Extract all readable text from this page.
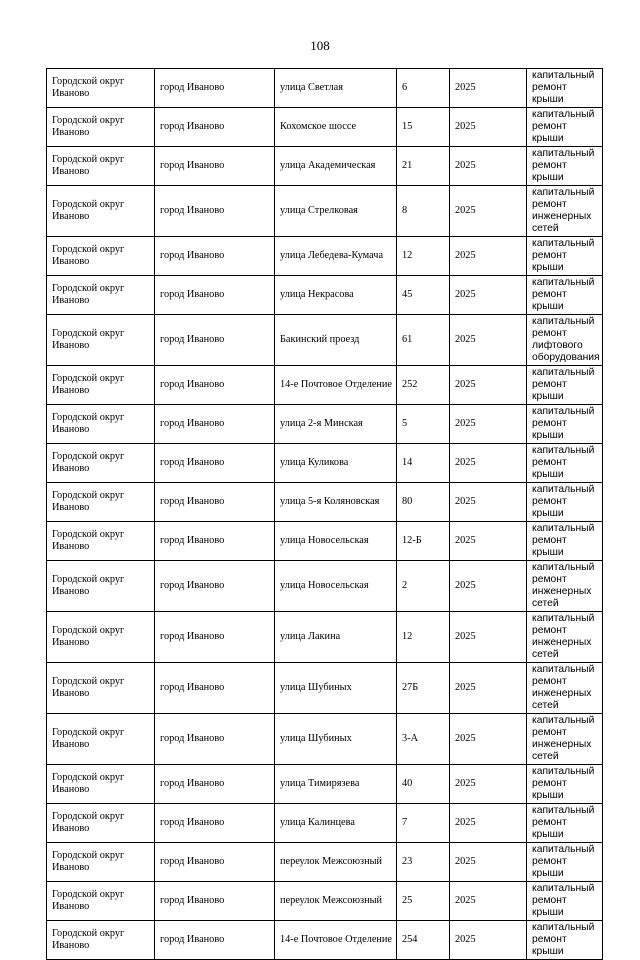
108
Городской округ Иваново	город Иваново	улица Светлая	6	2025	капитальный ремонт крыши
Городской округ Иваново	город Иваново	Кохомское шоссе	15	2025	капитальный ремонт крыши
Городской округ Иваново	город Иваново	улица Академическая	21	2025	капитальный ремонт крыши
Городской округ Иваново	город Иваново	улица Стрелковая	8	2025	капитальный ремонт инженерных сетей
Городской округ Иваново	город Иваново	улица Лебедева-Кумача	12	2025	капитальный ремонт крыши
Городской округ Иваново	город Иваново	улица Некрасова	45	2025	капитальный ремонт крыши
Городской округ Иваново	город Иваново	Бакинский проезд	61	2025	капитальный ремонт лифтового оборудования
Городской округ Иваново	город Иваново	14-е Почтовое Отделение	252	2025	капитальный ремонт крыши
Городской округ Иваново	город Иваново	улица 2-я Минская	5	2025	капитальный ремонт крыши
Городской округ Иваново	город Иваново	улица Куликова	14	2025	капитальный ремонт крыши
Городской округ Иваново	город Иваново	улица 5-я Коляновская	80	2025	капитальный ремонт крыши
Городской округ Иваново	город Иваново	улица Новосельская	12-Б	2025	капитальный ремонт крыши
Городской округ Иваново	город Иваново	улица Новосельская	2	2025	капитальный ремонт инженерных сетей
Городской округ Иваново	город Иваново	улица Лакина	12	2025	капитальный ремонт инженерных сетей
Городской округ Иваново	город Иваново	улица Шубиных	27Б	2025	капитальный ремонт инженерных сетей
Городской округ Иваново	город Иваново	улица Шубиных	3-А	2025	капитальный ремонт инженерных сетей
Городской округ Иваново	город Иваново	улица Тимирязева	40	2025	капитальный ремонт крыши
Городской округ Иваново	город Иваново	улица Калинцева	7	2025	капитальный ремонт крыши
Городской округ Иваново	город Иваново	переулок Межсоюзный	23	2025	капитальный ремонт крыши
Городской округ Иваново	город Иваново	переулок Межсоюзный	25	2025	капитальный ремонт крыши
Городской округ Иваново	город Иваново	14-е Почтовое Отделение	254	2025	капитальный ремонт крыши
